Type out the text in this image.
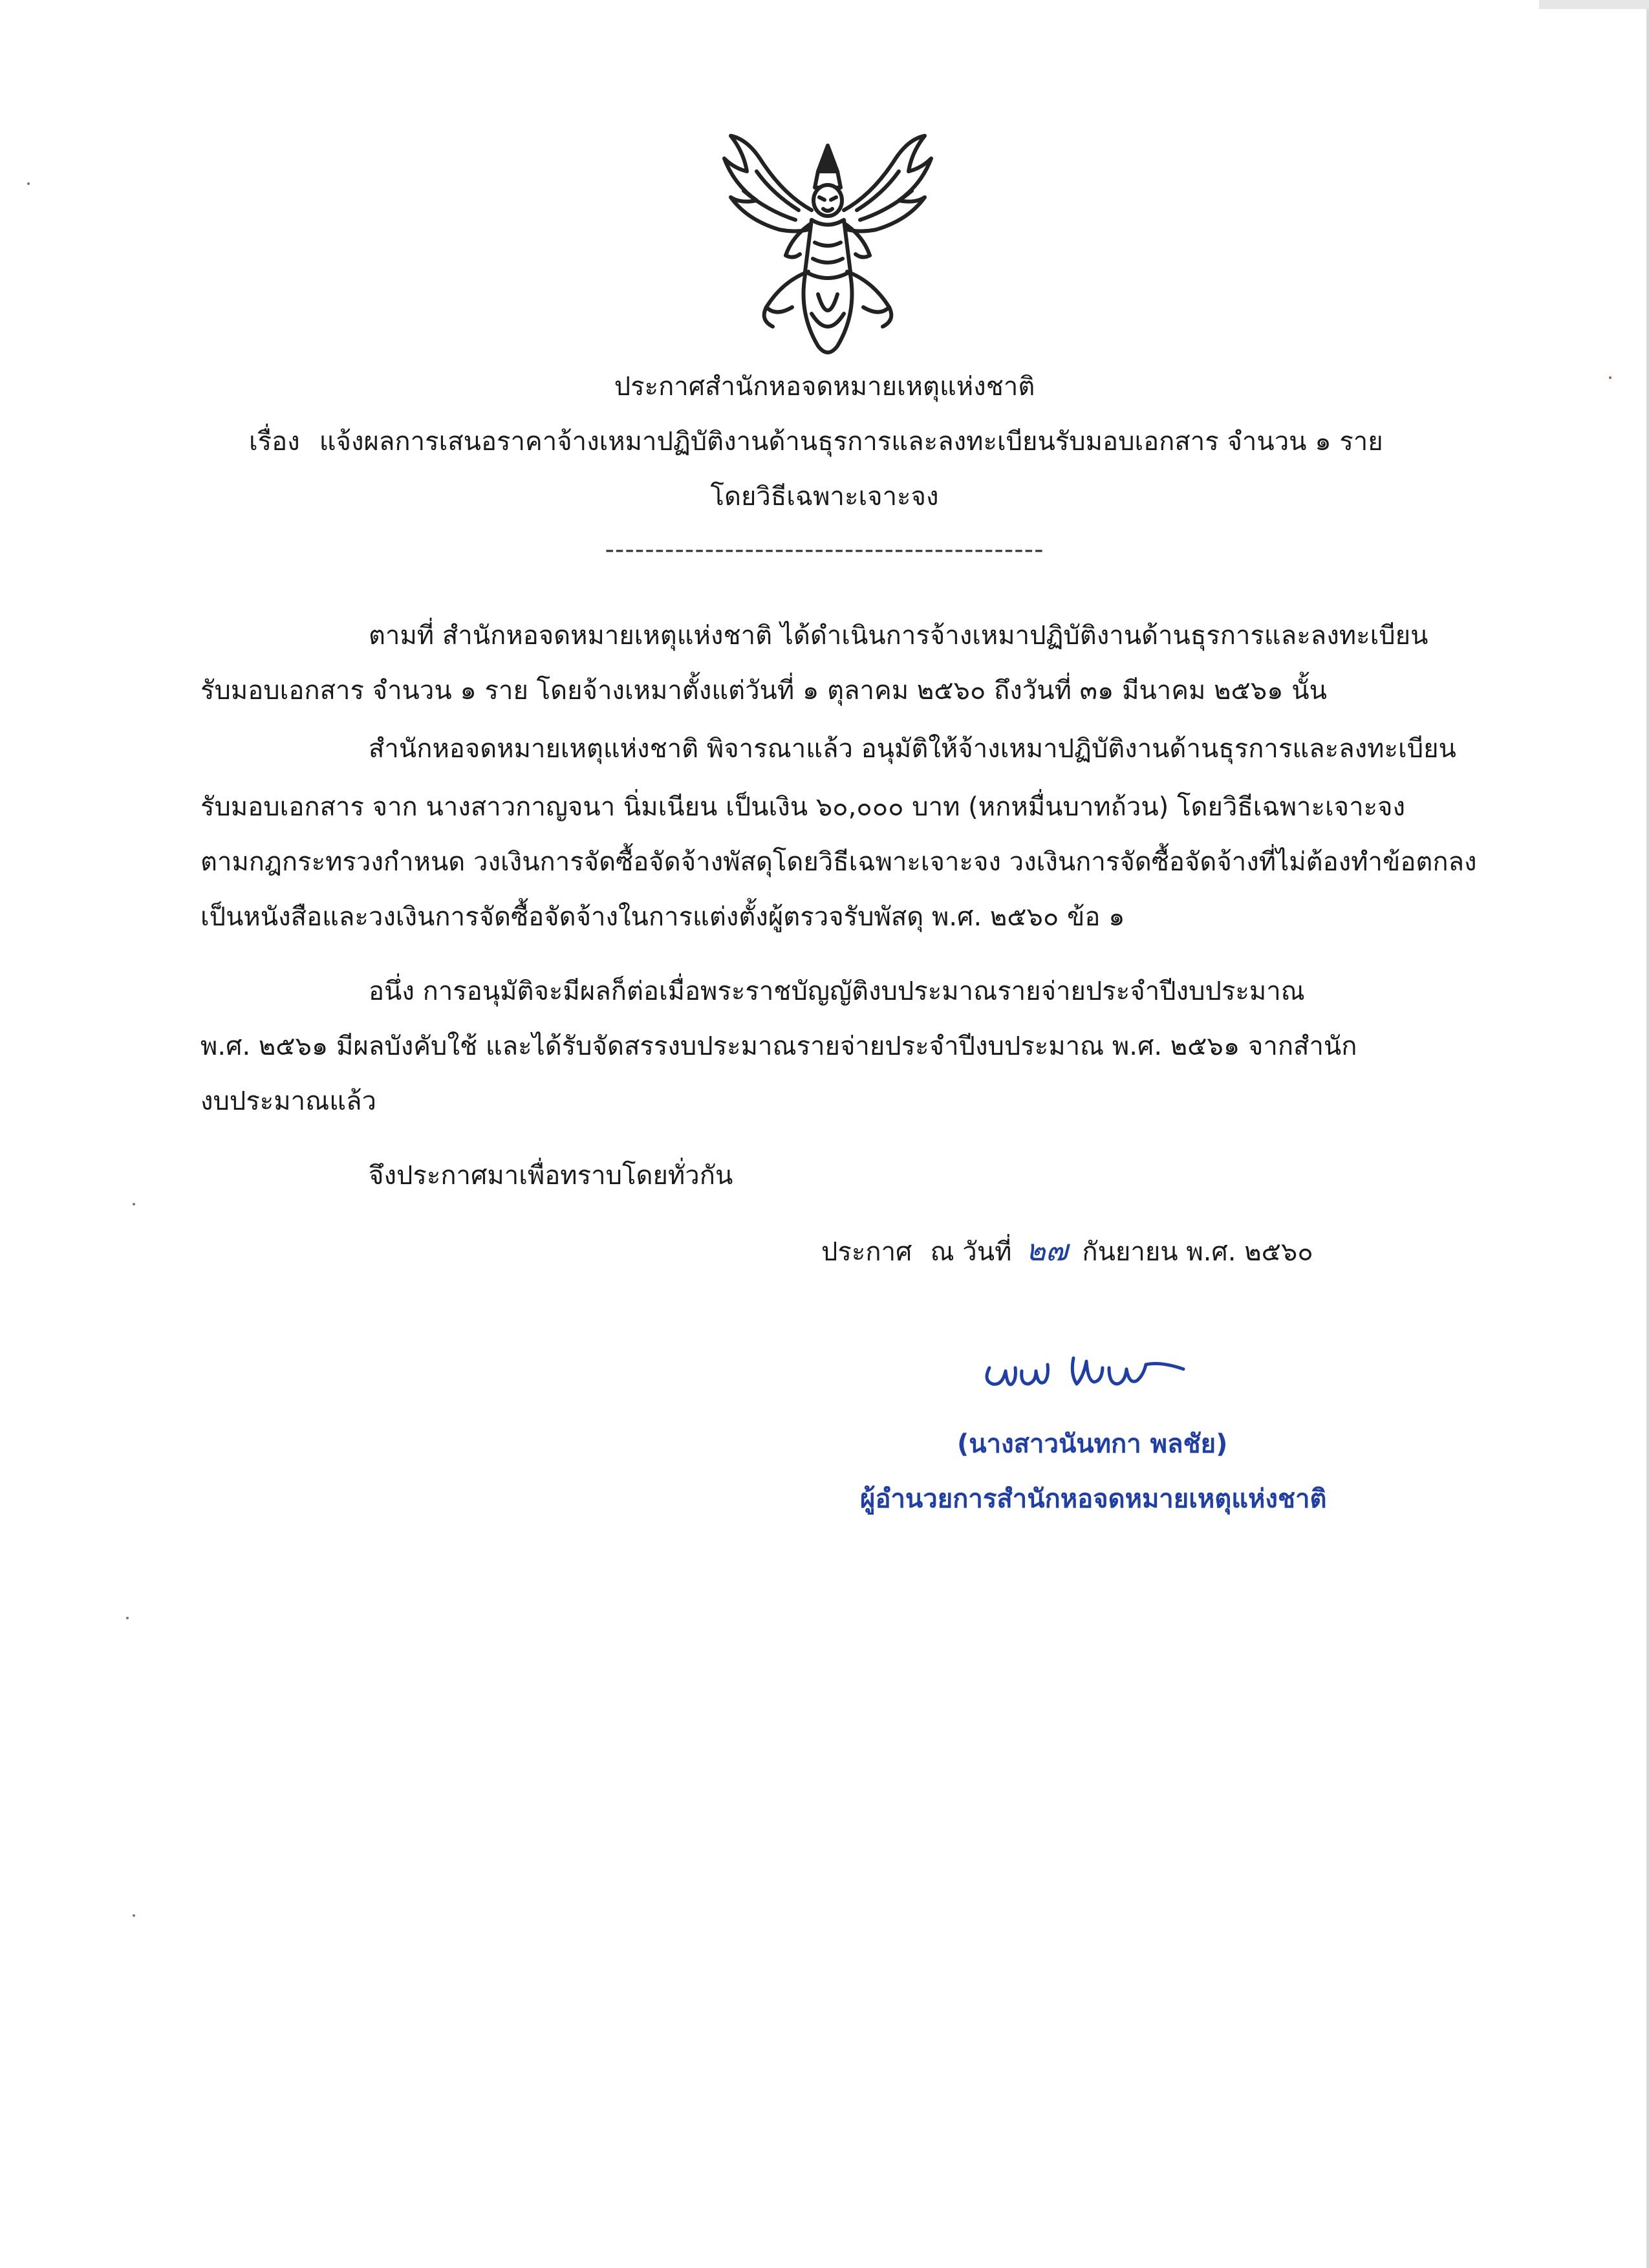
ประกาศสำนักหอจดหมายเหตุแห่งชาติ
เรื่อง แจ้งผลการเสนอราคาจ้างเหมาปฏิบัติงานด้านธุรการและลงทะเบียนรับมอบเอกสาร จำนวน ๑ ราย
โดยวิธีเฉพาะเจาะจง
--------------------------------------------
ตามที่ สำนักหอจดหมายเหตุแห่งชาติ ได้ดำเนินการจ้างเหมาปฏิบัติงานด้านธุรการและลงทะเบียน
รับมอบเอกสาร จำนวน ๑ ราย โดยจ้างเหมาตั้งแต่วันที่ ๑ ตุลาคม ๒๕๖๐ ถึงวันที่ ๓๑ มีนาคม ๒๕๖๑ นั้น
สำนักหอจดหมายเหตุแห่งชาติ พิจารณาแล้ว อนุมัติให้จ้างเหมาปฏิบัติงานด้านธุรการและลงทะเบียน
รับมอบเอกสาร จาก นางสาวกาญจนา นิ่มเนียน เป็นเงิน ๖๐,๐๐๐ บาท (หกหมื่นบาทถ้วน) โดยวิธีเฉพาะเจาะจง
ตามกฎกระทรวงกำหนด วงเงินการจัดซื้อจัดจ้างพัสดุโดยวิธีเฉพาะเจาะจง วงเงินการจัดซื้อจัดจ้างที่ไม่ต้องทำข้อตกลง
เป็นหนังสือและวงเงินการจัดซื้อจัดจ้างในการแต่งตั้งผู้ตรวจรับพัสดุ พ.ศ. ๒๕๖๐ ข้อ ๑
อนึ่ง การอนุมัติจะมีผลก็ต่อเมื่อพระราชบัญญัติงบประมาณรายจ่ายประจำปีงบประมาณ
พ.ศ. ๒๕๖๑ มีผลบังคับใช้ และได้รับจัดสรรงบประมาณรายจ่ายประจำปีงบประมาณ พ.ศ. ๒๕๖๑ จากสำนัก
งบประมาณแล้ว
จึงประกาศมาเพื่อทราบโดยทั่วกัน
ประกาศ ณ วันที่ ๒๗ กันยายน พ.ศ. ๒๕๖๐
(นางสาวนันทกา พลชัย)
ผู้อำนวยการสำนักหอจดหมายเหตุแห่งชาติ
